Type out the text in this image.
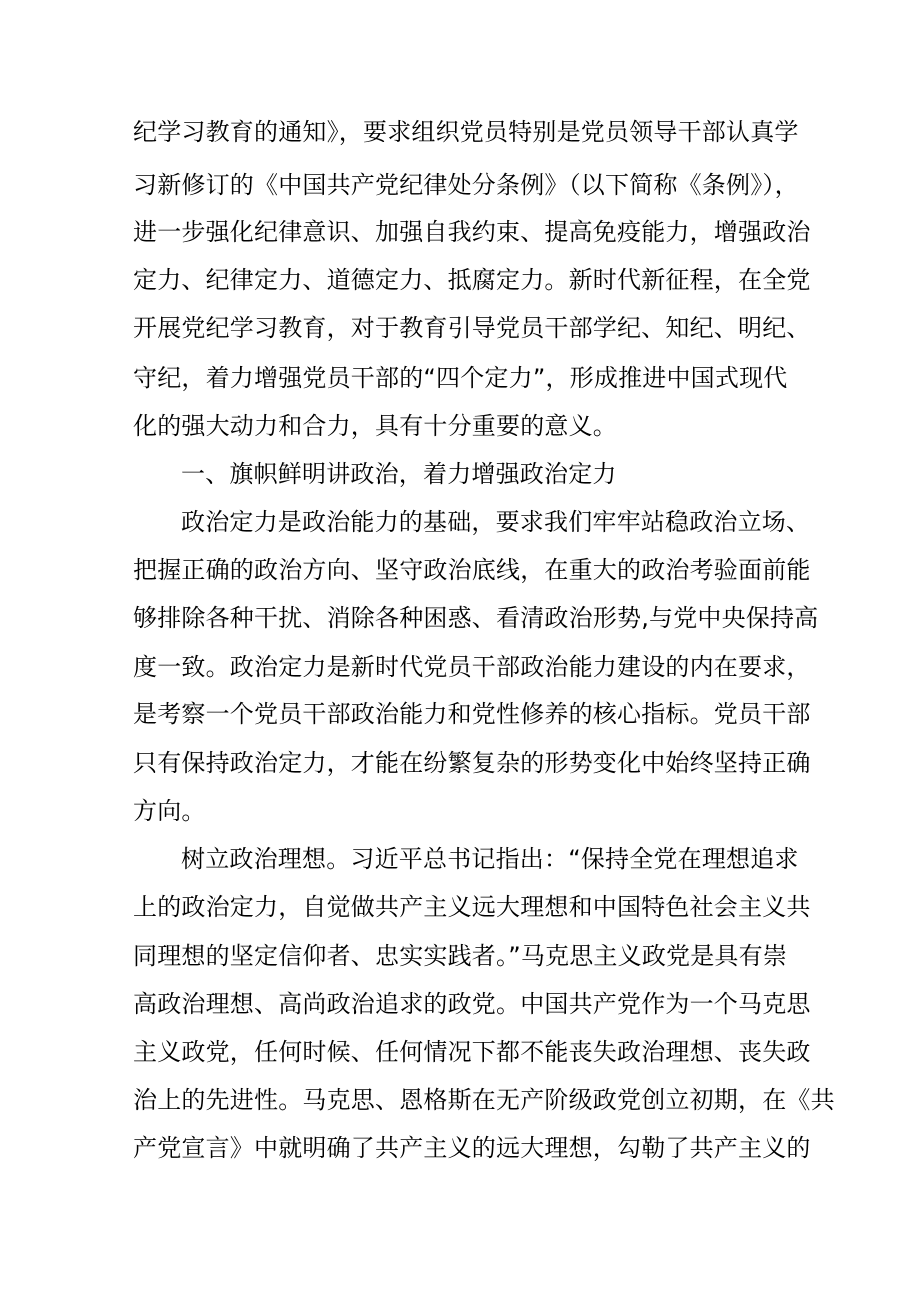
纪学习教育的通知》，要求组织党员特别是党员领导干部认真学
习新修订的《中国共产党纪律处分条例》（以下简称《条例》），
进一步强化纪律意识、加强自我约束、提高免疫能力，增强政治
定力、纪律定力、道德定力、抵腐定力。新时代新征程，在全党
开展党纪学习教育，对于教育引导党员干部学纪、知纪、明纪、
守纪，着力增强党员干部的“四个定力”，形成推进中国式现代
化的强大动力和合力，具有十分重要的意义。
一、旗帜鲜明讲政治，着力增强政治定力
政治定力是政治能力的基础，要求我们牢牢站稳政治立场、
把握正确的政治方向、坚守政治底线，在重大的政治考验面前能
够排除各种干扰、消除各种困惑、看清政治形势,与党中央保持高
度一致。政治定力是新时代党员干部政治能力建设的内在要求，
是考察一个党员干部政治能力和党性修养的核心指标。党员干部
只有保持政治定力，才能在纷繁复杂的形势变化中始终坚持正确
方向。
树立政治理想。习近平总书记指出：“保持全党在理想追求
上的政治定力，自觉做共产主义远大理想和中国特色社会主义共
同理想的坚定信仰者、忠实实践者。”马克思主义政党是具有崇
高政治理想、高尚政治追求的政党。中国共产党作为一个马克思
主义政党，任何时候、任何情况下都不能丧失政治理想、丧失政
治上的先进性。马克思、恩格斯在无产阶级政党创立初期，在《共
产党宣言》中就明确了共产主义的远大理想，勾勒了共产主义的
